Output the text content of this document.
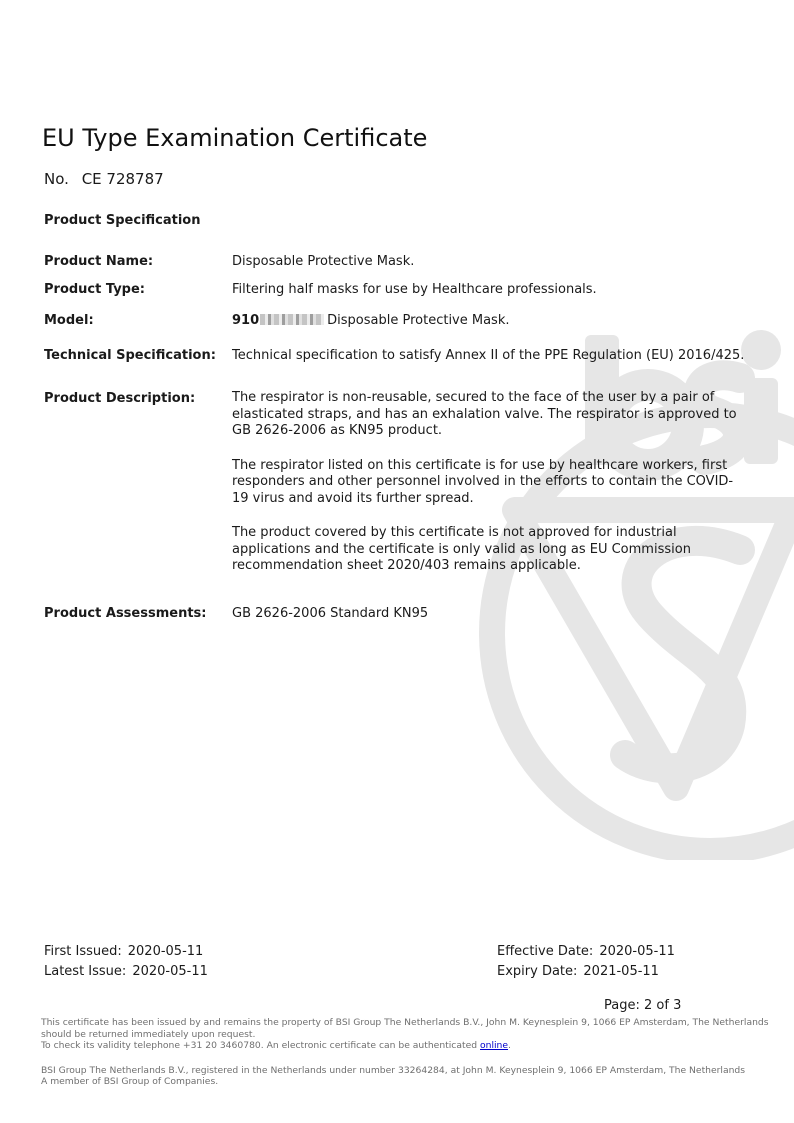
EU Type Examination Certificate
No. CE 728787
Product Specification
Product Name:	Disposable Protective Mask.
Product Type:	Filtering half masks for use by Healthcare professionals.
Model:	910	Disposable Protective Mask.
Technical Specification: Technical specification to satisfy Annex II of the PPE Regulation (EU) 2016/425.
Product Description:	The respirator is non-reusable, secured to the face of the user by a pair of elasticated straps, and has an exhalation valve. The respirator is approved to GB 2626-2006 as KN95 product.

The respirator listed on this certificate is for use by healthcare workers, first responders and other personnel involved in the efforts to contain the COVID-19 virus and avoid its further spread.

The product covered by this certificate is not approved for industrial applications and the certificate is only valid as long as EU Commission recommendation sheet 2020/403 remains applicable.

Product Assessments: GB 2626-2006 Standard KN95
First Issued: 2020-05-11
Latest Issue: 2020-05-11
Effective Date: 2020-05-11
Expiry Date: 2021-05-11
Page: 2 of 3
This certificate has been issued by and remains the property of BSI Group The Netherlands B.V., John M. Keynesplein 9, 1066 EP Amsterdam, The Netherlands should be returned immediately upon request.
To check its validity telephone +31 20 3460780. An electronic certificate can be authenticated online.
BSI Group The Netherlands B.V., registered in the Netherlands under number 33264284, at John M. Keynesplein 9, 1066 EP Amsterdam, The Netherlands
A member of BSI Group of Companies.
